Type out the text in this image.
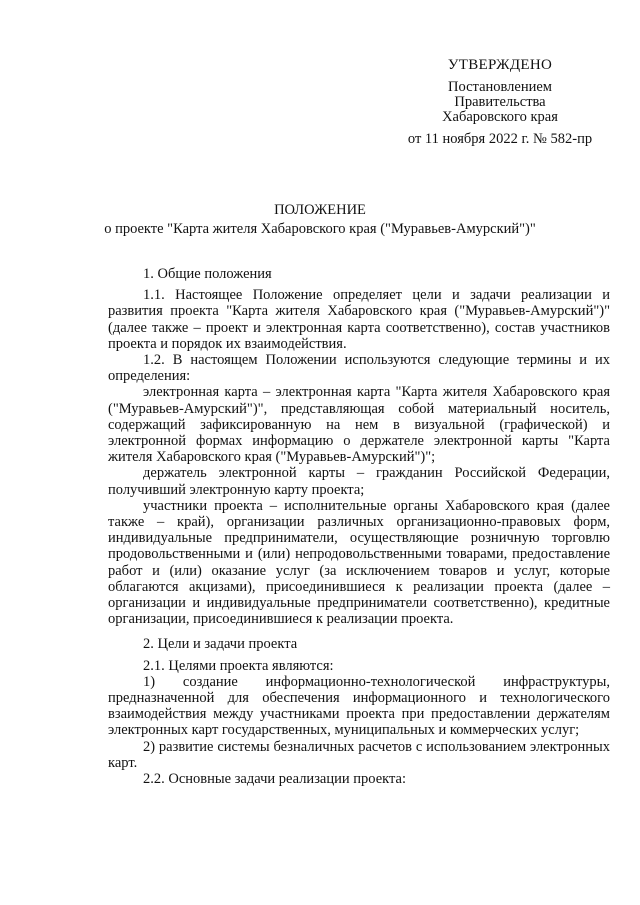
УТВЕРЖДЕНО
Постановлением
Правительства
Хабаровского края
от 11 ноября 2022 г. № 582-пр
ПОЛОЖЕНИЕ
о проекте "Карта жителя Хабаровского края ("Муравьев-Амурский")"

1. Общие положения

1.1. Настоящее Положение определяет цели и задачи реализации и развития проекта "Карта жителя Хабаровского края ("Муравьев-Амурский")" (далее также – проект и электронная карта соответственно), состав участников проекта и порядок их взаимодействия.

1.2. В настоящем Положении используются следующие термины и их определения:

электронная карта – электронная карта "Карта жителя Хабаровского края ("Муравьев-Амурский")", представляющая собой материальный носитель, содержащий зафиксированную на нем в визуальной (графической) и электронной формах информацию о держателе электронной карты "Карта жителя Хабаровского края ("Муравьев-Амурский")";

держатель электронной карты – гражданин Российской Федерации, получивший электронную карту проекта;

участники проекта – исполнительные органы Хабаровского края (далее также – край), организации различных организационно-правовых форм, индивидуальные предприниматели, осуществляющие розничную торговлю продовольственными и (или) непродовольственными товарами, предоставление работ и (или) оказание услуг (за исключением товаров и услуг, которые облагаются акцизами), присоединившиеся к реализации проекта (далее – организации и индивидуальные предприниматели соответственно), кредитные организации, присоединившиеся к реализации проекта.

2. Цели и задачи проекта

2.1. Целями проекта являются:

1) создание информационно-технологической инфраструктуры, предназначенной для обеспечения информационного и технологического взаимодействия между участниками проекта при предоставлении держателям электронных карт государственных, муниципальных и коммерческих услуг;

2) развитие системы безналичных расчетов с использованием электронных карт.

2.2. Основные задачи реализации проекта:
